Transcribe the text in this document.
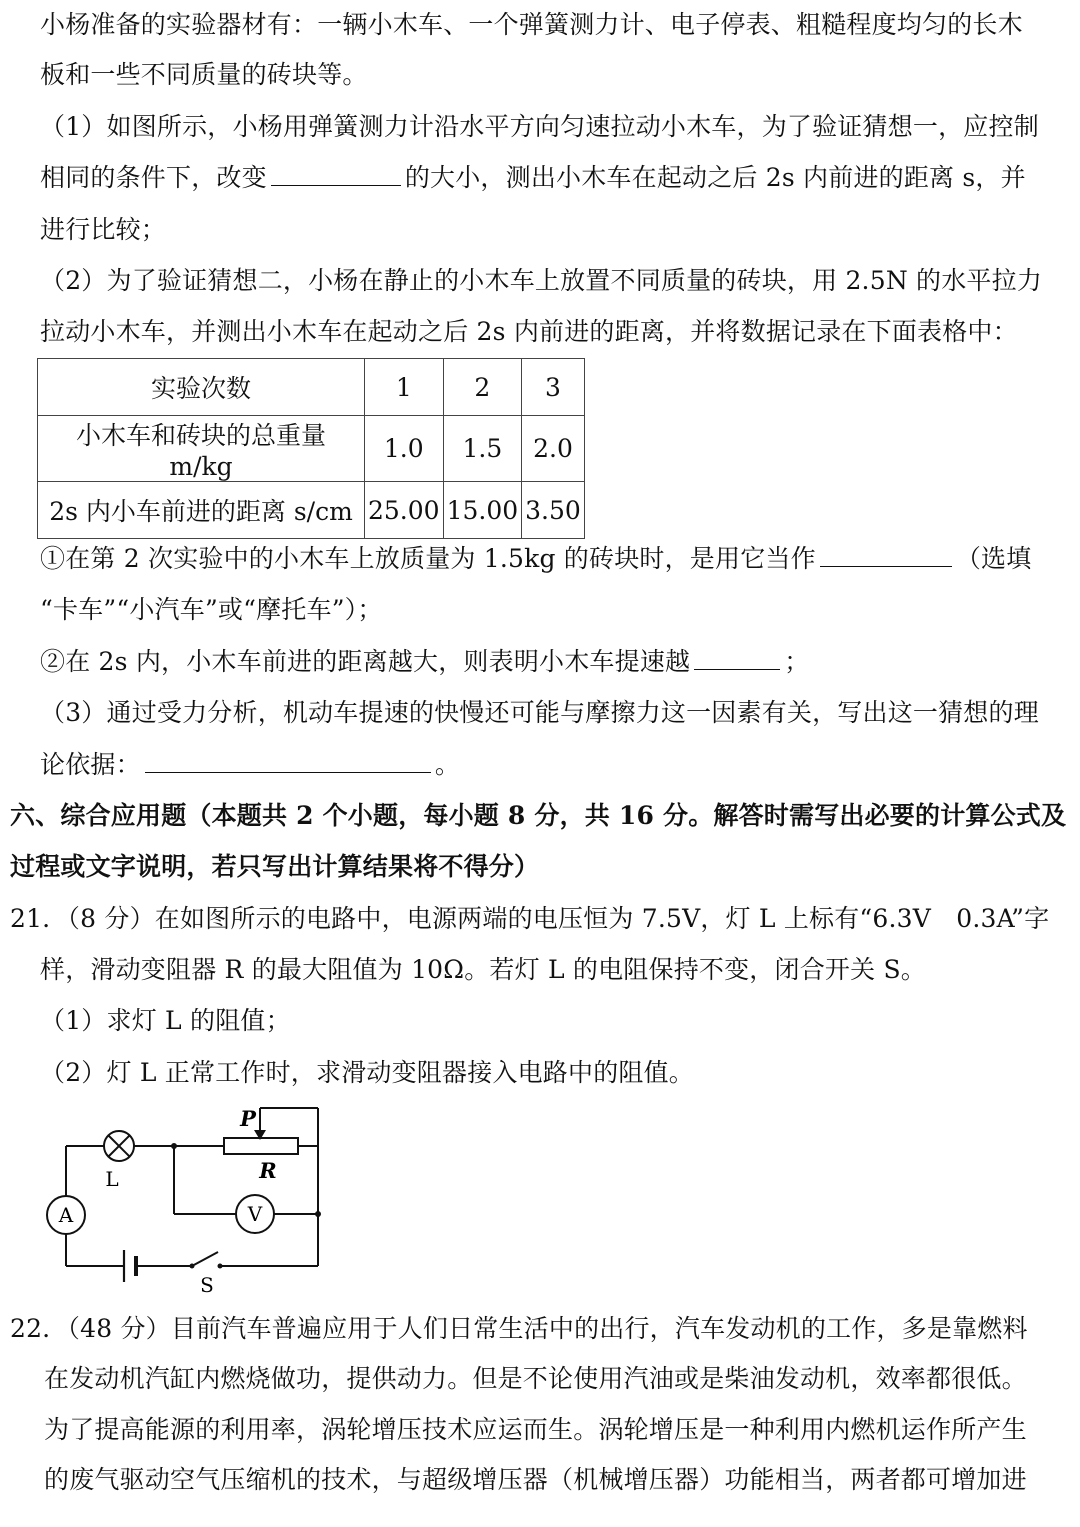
小杨准备的实验器材有：一辆小木车、一个弹簧测力计、电子停表、粗糙程度均匀的长木
板和一些不同质量的砖块等。
（1）如图所示，小杨用弹簧测力计沿水平方向匀速拉动小木车，为了验证猜想一，应控制
相同的条件下，改变	的大小，测出小木车在起动之后 2s 内前进的距离 s，并
进行比较；
（2）为了验证猜想二，小杨在静止的小木车上放置不同质量的砖块，用 2.5N 的水平拉力
拉动小木车，并测出小木车在起动之后 2s 内前进的距离，并将数据记录在下面表格中：
实验次数	1	2	3
小木车和砖块的总重量 m/kg	1.0	1.5	2.0
2s 内小车前进的距离 s/cm	25.00	15.00	3.50
①在第 2 次实验中的小木车上放质量为 1.5kg 的砖块时，是用它当作	（选填
“卡车”“小汽车”或“摩托车”）；
②在 2s 内，小木车前进的距离越大，则表明小木车提速越	；
（3）通过受力分析，机动车提速的快慢还可能与摩擦力这一因素有关，写出这一猜想的理
论依据：	。
六、综合应用题（本题共 2 个小题，每小题 8 分，共 16 分。解答时需写出必要的计算公式及
过程或文字说明，若只写出计算结果将不得分）
21．（8 分）在如图所示的电路中，电源两端的电压恒为 7.5V，灯 L 上标有“6.3V　0.3A”字
样，滑动变阻器 R 的最大阻值为 10Ω。若灯 L 的电阻保持不变，闭合开关 S。
（1）求灯 L 的阻值；
（2）灯 L 正常工作时，求滑动变阻器接入电路中的阻值。
A	V
L
P
R
S
22．（48 分）目前汽车普遍应用于人们日常生活中的出行，汽车发动机的工作，多是靠燃料
在发动机汽缸内燃烧做功，提供动力。但是不论使用汽油或是柴油发动机，效率都很低。
为了提高能源的利用率，涡轮增压技术应运而生。涡轮增压是一种利用内燃机运作所产生
的废气驱动空气压缩机的技术，与超级增压器（机械增压器）功能相当，两者都可增加进
